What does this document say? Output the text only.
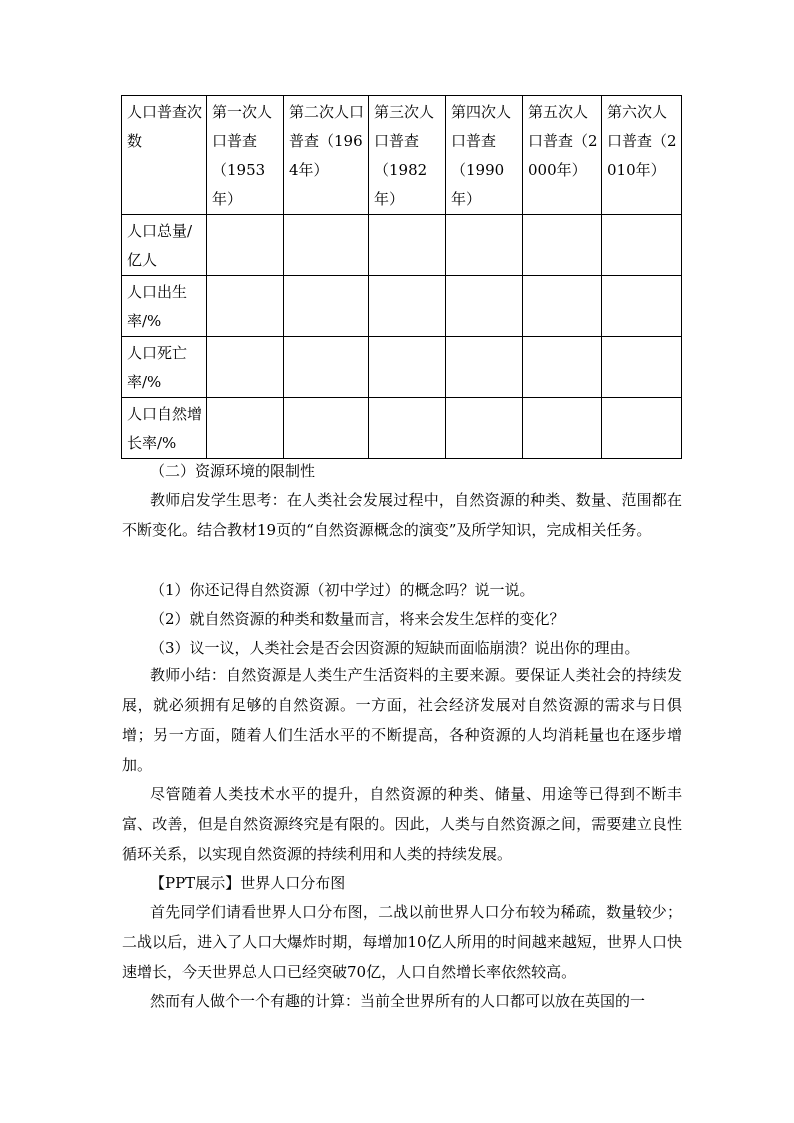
人口普查次数	第一次人口普查（1953年）	第二次人口普查（1964年）	第三次人口普查（1982年）	第四次人口普查（1990年）	第五次人口普查（2000年）	第六次人口普查（2010年）
人口总量/亿人						
人口出生率/%						
人口死亡率/%						
人口自然增长率/%						

（二）资源环境的限制性

教师启发学生思考：在人类社会发展过程中，自然资源的种类、数量、范围都在不断变化。结合教材19页的“自然资源概念的演变”及所学知识，完成相关任务。

（1）你还记得自然资源（初中学过）的概念吗？说一说。

（2）就自然资源的种类和数量而言，将来会发生怎样的变化？

（3）议一议，人类社会是否会因资源的短缺而面临崩溃？说出你的理由。

教师小结：自然资源是人类生产生活资料的主要来源。要保证人类社会的持续发展，就必须拥有足够的自然资源。一方面，社会经济发展对自然资源的需求与日俱增；另一方面，随着人们生活水平的不断提高，各种资源的人均消耗量也在逐步增加。

尽管随着人类技术水平的提升，自然资源的种类、储量、用途等已得到不断丰富、改善，但是自然资源终究是有限的。因此，人类与自然资源之间，需要建立良性循环关系，以实现自然资源的持续利用和人类的持续发展。

【PPT展示】世界人口分布图

首先同学们请看世界人口分布图，二战以前世界人口分布较为稀疏，数量较少；二战以后，进入了人口大爆炸时期，每增加10亿人所用的时间越来越短，世界人口快速增长，今天世界总人口已经突破70亿，人口自然增长率依然较高。

然而有人做个一个有趣的计算：当前全世界所有的人口都可以放在英国的一
